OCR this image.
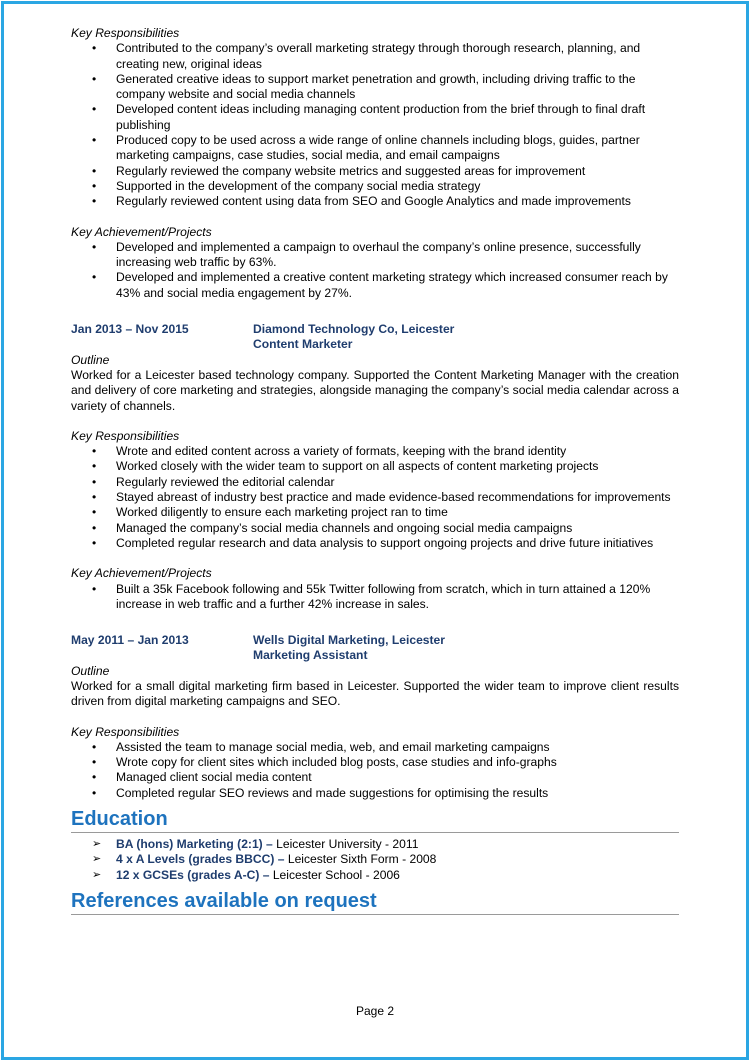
Key Responsibilities

• Contributed to the company’s overall marketing strategy through thorough research, planning, and creating new, original ideas
• Generated creative ideas to support market penetration and growth, including driving traffic to the company website and social media channels
• Developed content ideas including managing content production from the brief through to final draft publishing
• Produced copy to be used across a wide range of online channels including blogs, guides, partner marketing campaigns, case studies, social media, and email campaigns
• Regularly reviewed the company website metrics and suggested areas for improvement
• Supported in the development of the company social media strategy
• Regularly reviewed content using data from SEO and Google Analytics and made improvements

Key Achievement/Projects

• Developed and implemented a campaign to overhaul the company’s online presence, successfully increasing web traffic by 63%.
• Developed and implemented a creative content marketing strategy which increased consumer reach by 43% and social media engagement by 27%.
Jan 2013 – Nov 2015	Diamond Technology Co, Leicester
Content Marketer

Outline

Worked for a Leicester based technology company. Supported the Content Marketing Manager with the creation and delivery of core marketing and strategies, alongside managing the company’s social media calendar across a variety of channels.

Key Responsibilities

• Wrote and edited content across a variety of formats, keeping with the brand identity
• Worked closely with the wider team to support on all aspects of content marketing projects
• Regularly reviewed the editorial calendar
• Stayed abreast of industry best practice and made evidence-based recommendations for improvements
• Worked diligently to ensure each marketing project ran to time
• Managed the company’s social media channels and ongoing social media campaigns
• Completed regular research and data analysis to support ongoing projects and drive future initiatives

Key Achievement/Projects

• Built a 35k Facebook following and 55k Twitter following from scratch, which in turn attained a 120% increase in web traffic and a further 42% increase in sales.
May 2011 – Jan 2013	Wells Digital Marketing, Leicester
Marketing Assistant

Outline

Worked for a small digital marketing firm based in Leicester. Supported the wider team to improve client results driven from digital marketing campaigns and SEO.

Key Responsibilities

• Assisted the team to manage social media, web, and email marketing campaigns
• Wrote copy for client sites which included blog posts, case studies and info-graphs
• Managed client social media content
• Completed regular SEO reviews and made suggestions for optimising the results
Education
➢ BA (hons) Marketing (2:1) – Leicester University - 2011
➢ 4 x A Levels (grades BBCC) – Leicester Sixth Form - 2008
➢ 12 x GCSEs (grades A-C) – Leicester School - 2006
References available on request
Page 2
